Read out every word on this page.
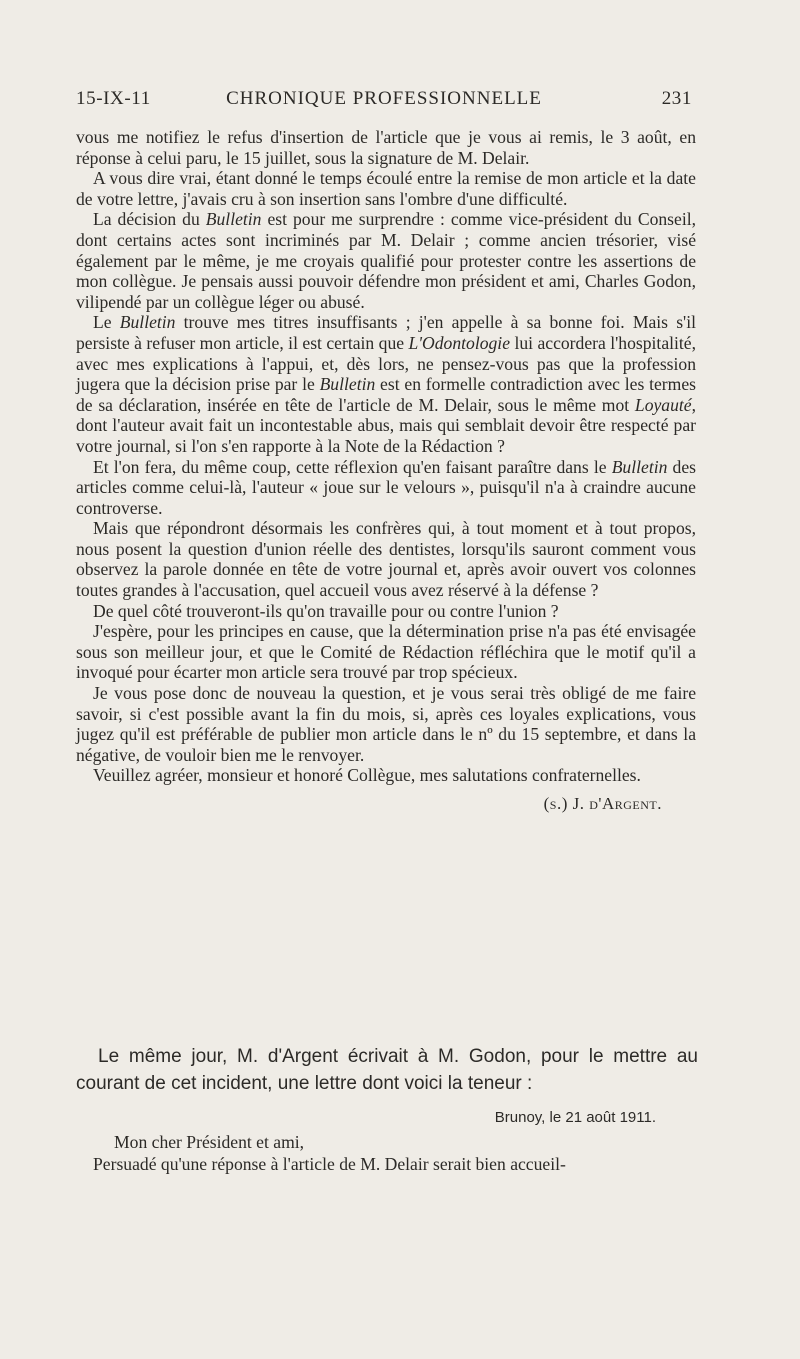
15-IX-11	CHRONIQUE PROFESSIONNELLE	231

vous me notifiez le refus d'insertion de l'article que je vous ai remis, le 3 août, en réponse à celui paru, le 15 juillet, sous la signature de M. Delair.

A vous dire vrai, étant donné le temps écoulé entre la remise de mon article et la date de votre lettre, j'avais cru à son insertion sans l'ombre d'une difficulté.

La décision du Bulletin est pour me surprendre : comme vice-président du Conseil, dont certains actes sont incriminés par M. Delair ; comme ancien trésorier, visé également par le même, je me croyais qualifié pour protester contre les assertions de mon collègue. Je pensais aussi pouvoir défendre mon président et ami, Charles Godon, vilipendé par un collègue léger ou abusé.

Le Bulletin trouve mes titres insuffisants ; j'en appelle à sa bonne foi. Mais s'il persiste à refuser mon article, il est certain que L'Odontologie lui accordera l'hospitalité, avec mes explications à l'appui, et, dès lors, ne pensez-vous pas que la profession jugera que la décision prise par le Bulletin est en formelle contradiction avec les termes de sa déclaration, insérée en tête de l'article de M. Delair, sous le même mot Loyauté, dont l'auteur avait fait un incontestable abus, mais qui semblait devoir être respecté par votre journal, si l'on s'en rapporte à la Note de la Rédaction ?

Et l'on fera, du même coup, cette réflexion qu'en faisant paraître dans le Bulletin des articles comme celui-là, l'auteur « joue sur le velours », puisqu'il n'a à craindre aucune controverse.

Mais que répondront désormais les confrères qui, à tout moment et à tout propos, nous posent la question d'union réelle des dentistes, lorsqu'ils sauront comment vous observez la parole donnée en tête de votre journal et, après avoir ouvert vos colonnes toutes grandes à l'accusation, quel accueil vous avez réservé à la défense ?

De quel côté trouveront-ils qu'on travaille pour ou contre l'union ?

J'espère, pour les principes en cause, que la détermination prise n'a pas été envisagée sous son meilleur jour, et que le Comité de Rédaction réfléchira que le motif qu'il a invoqué pour écarter mon article sera trouvé par trop spécieux.

Je vous pose donc de nouveau la question, et je vous serai très obligé de me faire savoir, si c'est possible avant la fin du mois, si, après ces loyales explications, vous jugez qu'il est préférable de publier mon article dans le nº du 15 septembre, et dans la négative, de vouloir bien me le renvoyer.

Veuillez agréer, monsieur et honoré Collègue, mes salutations confraternelles.

(s.) J. d'Argent.

Le même jour, M. d'Argent écrivait à M. Godon, pour le mettre au courant de cet incident, une lettre dont voici la teneur :

Brunoy, le 21 août 1911.

Mon cher Président et ami,

Persuadé qu'une réponse à l'article de M. Delair serait bien accueil-
